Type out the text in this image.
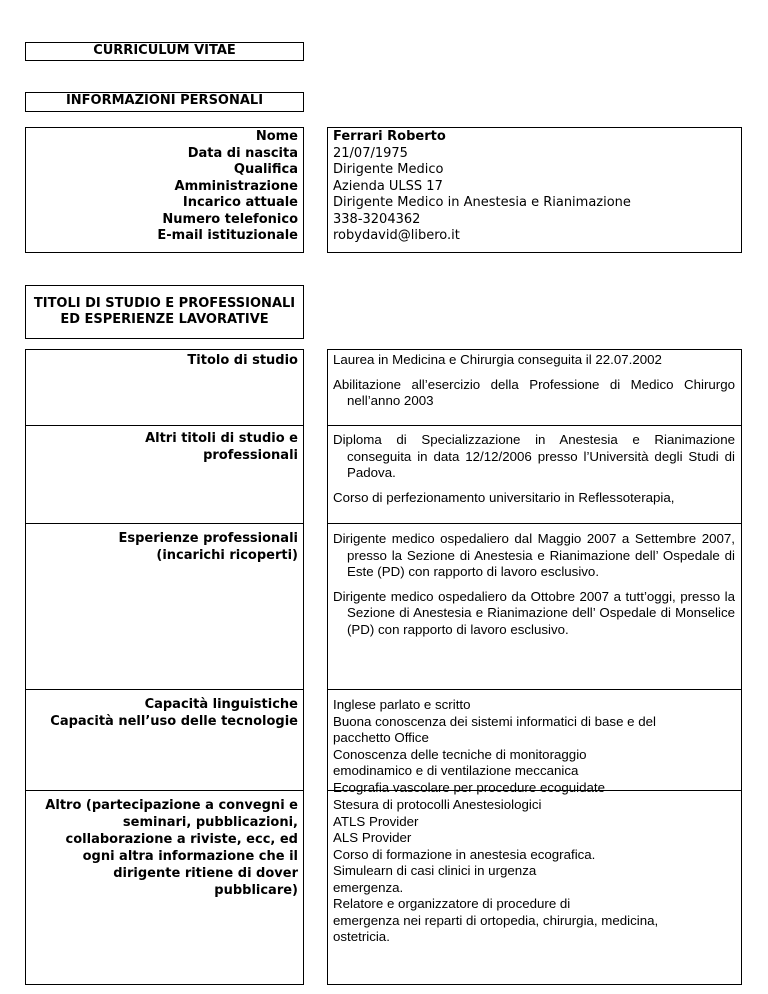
CURRICULUM VITAE
INFORMAZIONI PERSONALI
Nome
Data di nascita
Qualifica
Amministrazione
Incarico attuale
Numero telefonico
E-mail istituzionale
Ferrari Roberto
21/07/1975
Dirigente Medico
Azienda ULSS 17
Dirigente Medico in Anestesia e Rianimazione
338-3204362
robydavid@libero.it
TITOLI DI STUDIO E PROFESSIONALI ED ESPERIENZE LAVORATIVE
Titolo di studio	Laurea in Medicina e Chirurgia conseguita il 22.07.2002

Abilitazione all’esercizio della Professione di Medico Chirurgo nell’anno 2003

Altri titoli di studio e professionali

Diploma di Specializzazione in Anestesia e Rianimazione conseguita in data 12/12/2006 presso l’Università degli Studi di Padova.

Corso di perfezionamento universitario in Reflessoterapia,

Esperienze professionali (incarichi ricoperti)

Dirigente medico ospedaliero dal Maggio 2007 a Settembre 2007, presso la Sezione di Anestesia e Rianimazione dell’ Ospedale di Este (PD) con rapporto di lavoro esclusivo.

Dirigente medico ospedaliero da Ottobre 2007 a tutt’oggi, presso la Sezione di Anestesia e Rianimazione dell’ Ospedale di Monselice (PD) con rapporto di lavoro esclusivo.

Capacità linguistiche
Capacità nell’uso delle tecnologie
Inglese parlato e scritto
Buona conoscenza dei sistemi informatici di base e del
pacchetto Office
Conoscenza delle tecniche di monitoraggio
emodinamico e di ventilazione meccanica
Ecografia vascolare per procedure ecoguidate
Altro (partecipazione a convegni e seminari, pubblicazioni, collaborazione a riviste, ecc, ed ogni altra informazione che il dirigente ritiene di dover pubblicare)
Stesura di protocolli Anestesiologici
ATLS Provider
ALS Provider
Corso di formazione in anestesia ecografica.
Simulearn di casi clinici in urgenza
emergenza.
Relatore e organizzatore di procedure di
emergenza nei reparti di ortopedia, chirurgia, medicina,
ostetricia.
